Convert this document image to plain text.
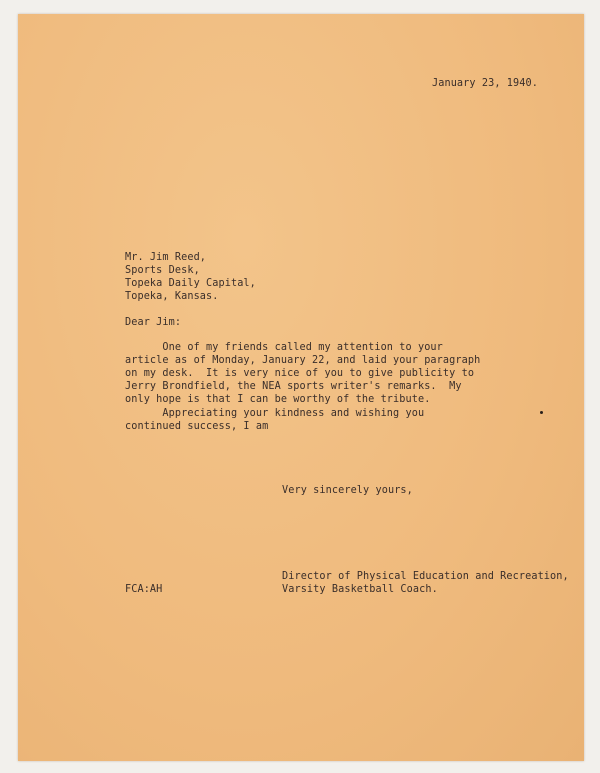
January 23, 1940.
Mr. Jim Reed,
Sports Desk,
Topeka Daily Capital,
Topeka, Kansas.
Dear Jim:
One of my friends called my attention to your
article as of Monday, January 22, and laid your paragraph
on my desk.  It is very nice of you to give publicity to
Jerry Brondfield, the NEA sports writer's remarks.  My
only hope is that I can be worthy of the tribute.
Appreciating your kindness and wishing you
continued success, I am
Very sincerely yours,
Director of Physical Education and Recreation,
Varsity Basketball Coach.
FCA:AH
